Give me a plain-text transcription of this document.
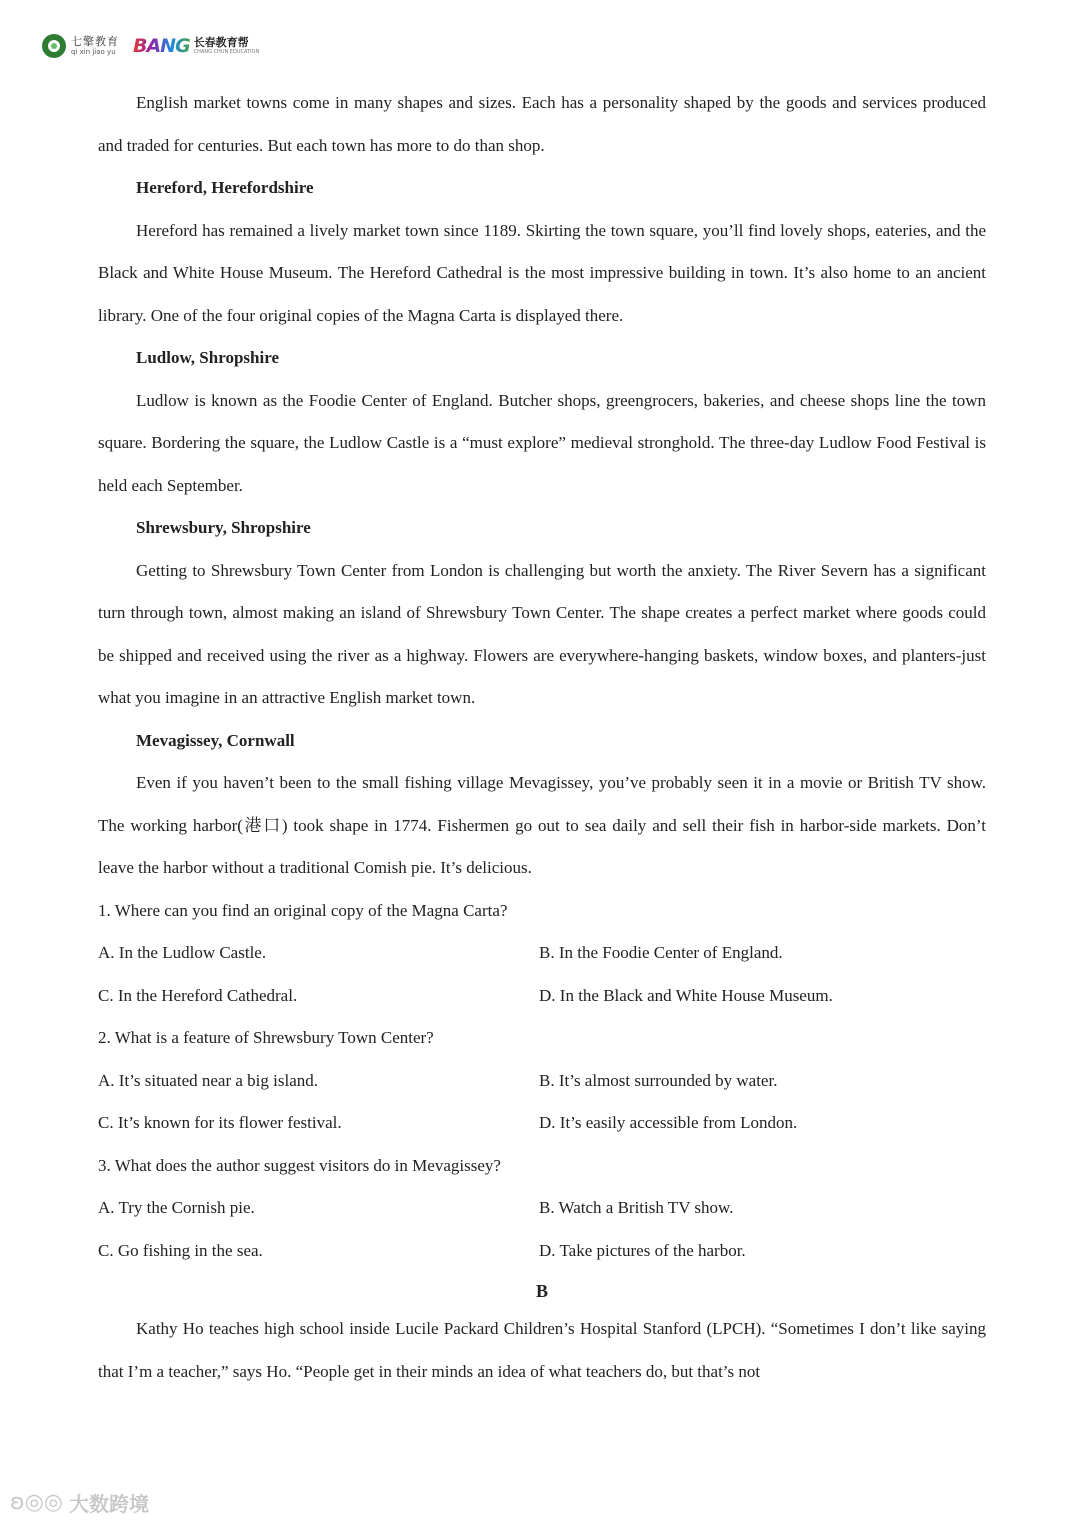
七擎教育
qi xin jiao yu BANG 长春教育帮
CHANG CHUN EDUCATION

English market towns come in many shapes and sizes. Each has a personality shaped by the goods and services produced and traded for centuries. But each town has more to do than shop.

Hereford, Herefordshire

Hereford has remained a lively market town since 1189. Skirting the town square, you’ll find lovely shops, eateries, and the Black and White House Museum. The Hereford Cathedral is the most impressive building in town. It’s also home to an ancient library. One of the four original copies of the Magna Carta is displayed there.

Ludlow, Shropshire

Ludlow is known as the Foodie Center of England. Butcher shops, greengrocers, bakeries, and cheese shops line the town square. Bordering the square, the Ludlow Castle is a “must explore” medieval stronghold. The three-day Ludlow Food Festival is held each September.

Shrewsbury, Shropshire

Getting to Shrewsbury Town Center from London is challenging but worth the anxiety. The River Severn has a significant turn through town, almost making an island of Shrewsbury Town Center. The shape creates a perfect market where goods could be shipped and received using the river as a highway. Flowers are everywhere-hanging baskets, window boxes, and planters-just what you imagine in an attractive English market town.

Mevagissey, Cornwall

Even if you haven’t been to the small fishing village Mevagissey, you’ve probably seen it in a movie or British TV show. The working harbor(港口) took shape in 1774. Fishermen go out to sea daily and sell their fish in harbor-side markets. Don’t leave the harbor without a traditional Comish pie. It’s delicious.

1. Where can you find an original copy of the Magna Carta?

A. In the Ludlow Castle.	B. In the Foodie Center of England.
C. In the Hereford Cathedral.	D. In the Black and White House Museum.

2. What is a feature of Shrewsbury Town Center?

A. It’s situated near a big island.	B. It’s almost surrounded by water.
C. It’s known for its flower festival.	D. It’s easily accessible from London.

3. What does the author suggest visitors do in Mevagissey?

A. Try the Cornish pie.	B. Watch a British TV show.
C. Go fishing in the sea.	D. Take pictures of the harbor.

B

Kathy Ho teaches high school inside Lucile Packard Children’s Hospital Stanford (LPCH). “Sometimes I don’t like saying that I’m a teacher,” says Ho. “People get in their minds an idea of what teachers do, but that’s not

ʚ◎◎ 大数跨境
